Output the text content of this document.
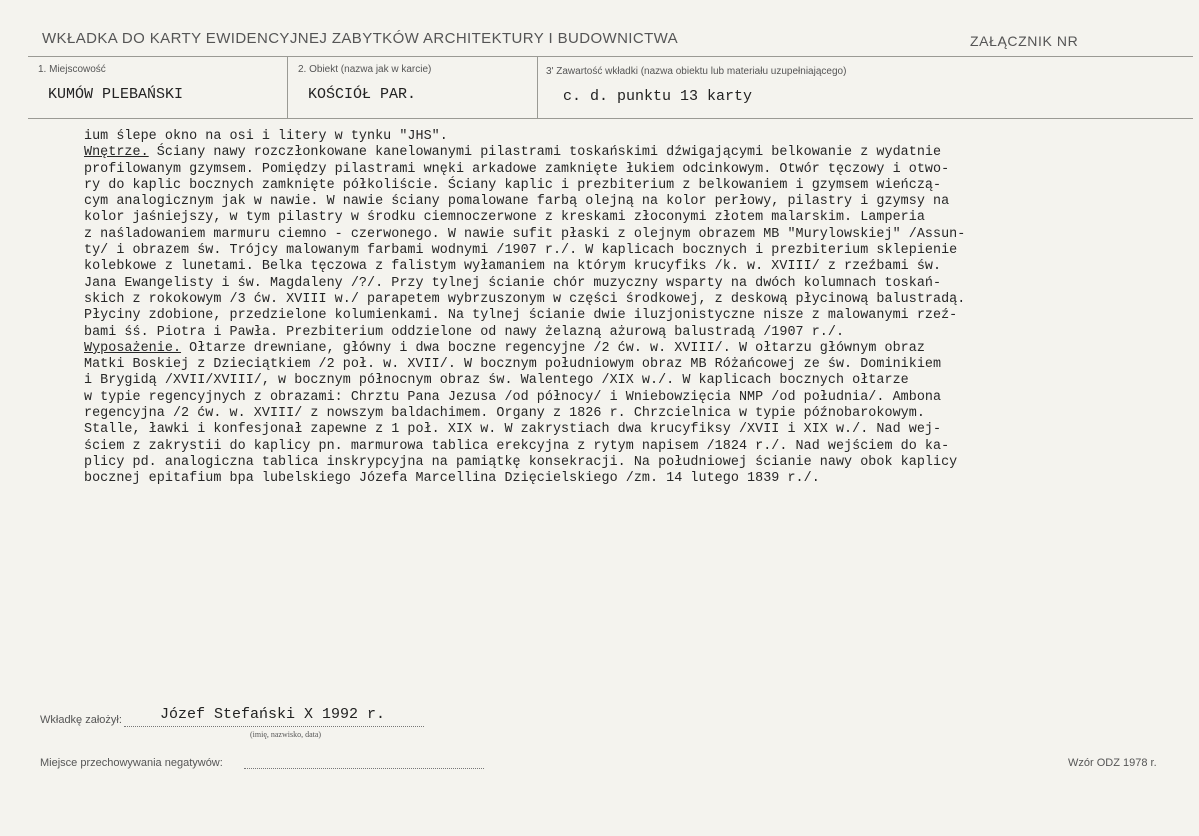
WKŁADKA DO KARTY EWIDENCYJNEJ ZABYTKÓW ARCHITEKTURY I BUDOWNICTWA	ZAŁĄCZNIK NR
1. Miejscowość
KUMÓW PLEBAŃSKI
2. Obiekt (nazwa jak w karcie)
KOŚCIÓŁ PAR.
3' Zawartość wkładki (nazwa obiektu lub materiału uzupełniającego)
c. d. punktu 13 karty
ium ślepe okno na osi i litery w tynku "JHS".
Wnętrze. Ściany nawy rozczłonkowane kanelowanymi pilastrami toskańskimi dźwigającymi belkowanie z wydatnie
profilowanym gzymsem. Pomiędzy pilastrami wnęki arkadowe zamknięte łukiem odcinkowym. Otwór tęczowy i otwo-
ry do kaplic bocznych zamknięte półkoliście. Ściany kaplic i prezbiterium z belkowaniem i gzymsem wieńczą-
cym analogicznym jak w nawie. W nawie ściany pomalowane farbą olejną na kolor perłowy, pilastry i gzymsy na
kolor jaśniejszy, w tym pilastry w środku ciemnoczerwone z kreskami złoconymi złotem malarskim. Lamperia
z naśladowaniem marmuru ciemno - czerwonego. W nawie sufit płaski z olejnym obrazem MB "Murylowskiej" /Assun-
ty/ i obrazem św. Trójcy malowanym farbami wodnymi /1907 r./. W kaplicach bocznych i prezbiterium sklepienie
kolebkowe z lunetami. Belka tęczowa z falistym wyłamaniem na którym krucyfiks /k. w. XVIII/ z rzeźbami św.
Jana Ewangelisty i św. Magdaleny /?/. Przy tylnej ścianie chór muzyczny wsparty na dwóch kolumnach toskań-
skich z rokokowym /3 ćw. XVIII w./ parapetem wybrzuszonym w części środkowej, z deskową płycinową balustradą.
Płyciny zdobione, przedzielone kolumienkami. Na tylnej ścianie dwie iluzjonistyczne nisze z malowanymi rzeź-
bami śś. Piotra i Pawła. Prezbiterium oddzielone od nawy żelazną ażurową balustradą /1907 r./.
Wyposażenie. Ołtarze drewniane, główny i dwa boczne regencyjne /2 ćw. w. XVIII/. W ołtarzu głównym obraz
Matki Boskiej z Dzieciątkiem /2 poł. w. XVII/. W bocznym południowym obraz MB Różańcowej ze św. Dominikiem
i Brygidą /XVII/XVIII/, w bocznym północnym obraz św. Walentego /XIX w./. W kaplicach bocznych ołtarze
w typie regencyjnych z obrazami: Chrztu Pana Jezusa /od północy/ i Wniebowzięcia NMP /od południa/. Ambona
regencyjna /2 ćw. w. XVIII/ z nowszym baldachimem. Organy z 1826 r. Chrzcielnica w typie późnobarokowym.
Stalle, ławki i konfesjonał zapewne z 1 poł. XIX w. W zakrystiach dwa krucyfiksy /XVII i XIX w./. Nad wej-
ściem z zakrystii do kaplicy pn. marmurowa tablica erekcyjna z rytym napisem /1824 r./. Nad wejściem do ka-
plicy pd. analogiczna tablica inskrypcyjna na pamiątkę konsekracji. Na południowej ścianie nawy obok kaplicy
bocznej epitafium bpa lubelskiego Józefa Marcellina Dzięcielskiego /zm. 14 lutego 1839 r./.
Wkładkę założył:	Józef Stefański X 1992 r.
(imię, nazwisko, data)
Miejsce przechowywania negatywów:	Wzór ODZ 1978 r.
